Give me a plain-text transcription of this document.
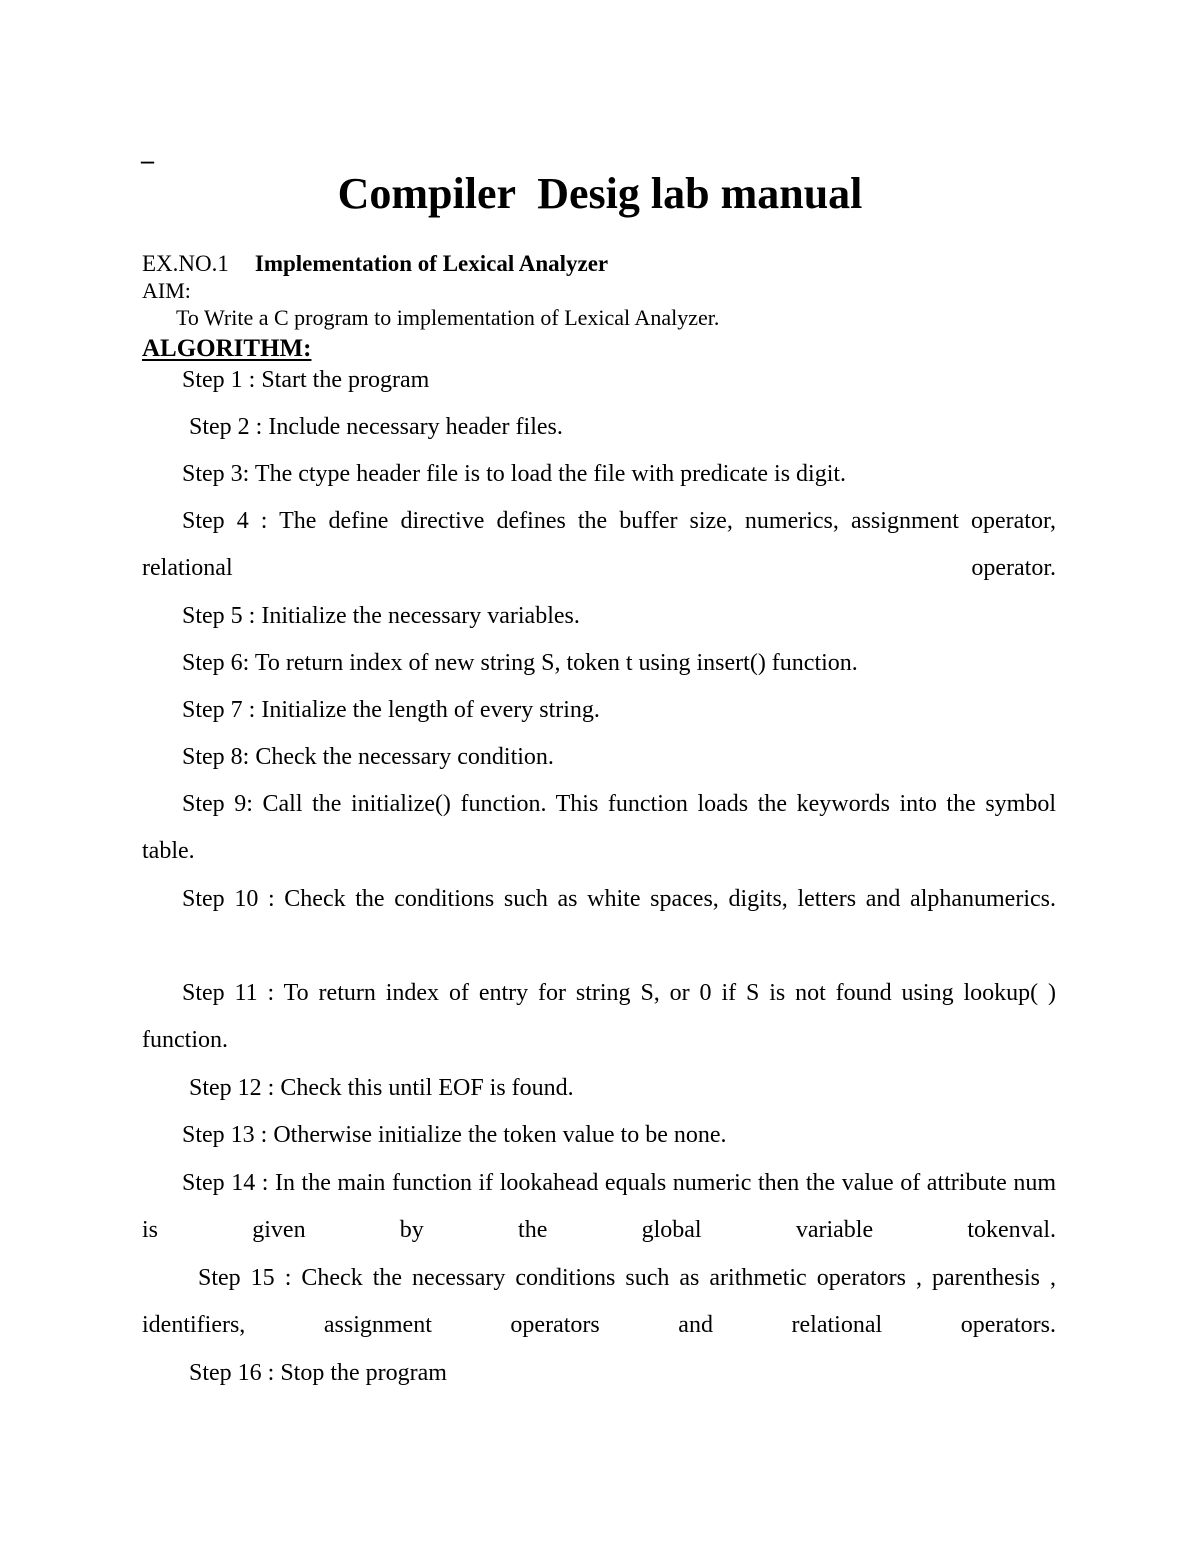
–
Compiler  Desig lab manual
EX.NO.1 Implementation of Lexical Analyzer
AIM:
To Write a C program to implementation of Lexical Analyzer.
ALGORITHM:
Step 1 : Start the program
Step 2 : Include necessary header files.
Step 3: The ctype header file is to load the file with predicate is digit.
Step 4 : The define directive defines the buffer size, numerics, assignment operator, relational operator.
Step 5 : Initialize the necessary variables.
Step 6: To return index of new string S, token t using insert() function.
Step 7 : Initialize the length of every string.
Step 8: Check the necessary condition.
Step 9: Call the initialize() function. This function loads the keywords into the symbol table.
Step 10 : Check the conditions such as white spaces, digits, letters and alphanumerics.
Step 11 : To return index of entry for string S, or 0 if S is not found using lookup( ) function.
Step 12 : Check this until EOF is found.
Step 13 : Otherwise initialize the token value to be none.
Step 14 : In the main function if lookahead equals numeric then the value of attribute num is given by the global variable tokenval.
Step 15 : Check the necessary conditions such as arithmetic operators , parenthesis , identifiers, assignment operators and relational operators.
Step 16 : Stop the program
